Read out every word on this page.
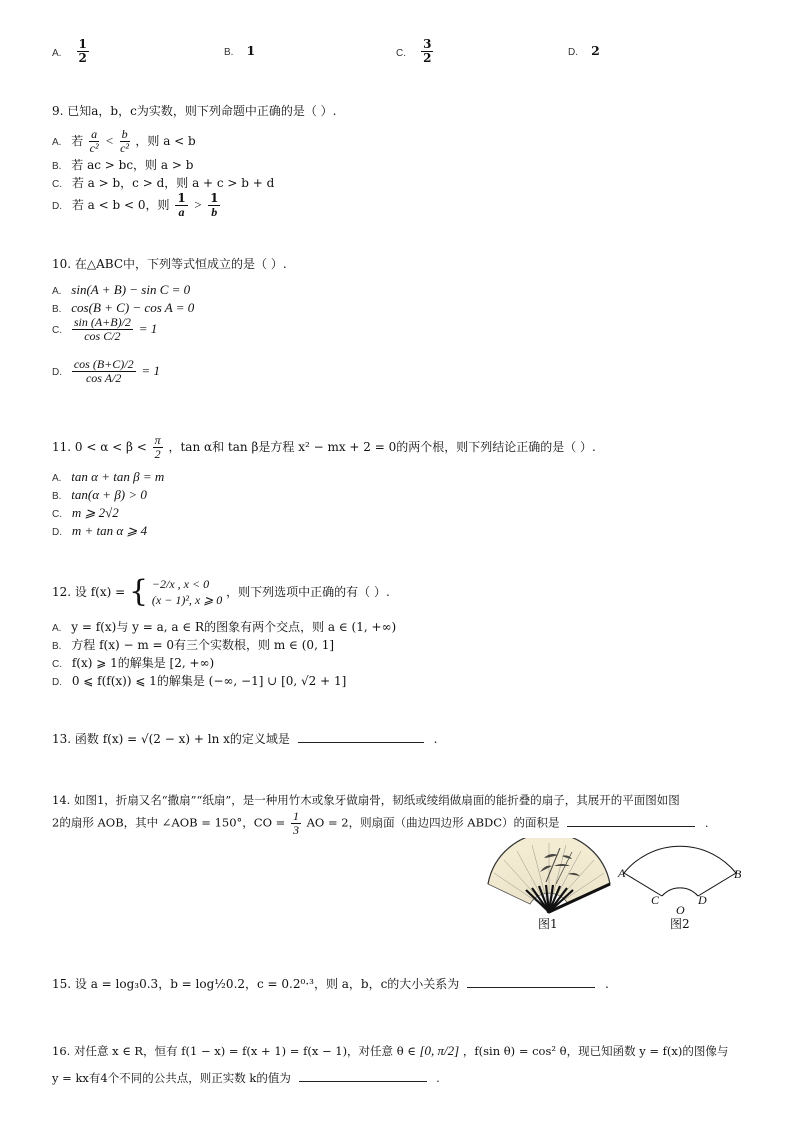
A. $\frac{1}{2}$	B. 1	C. $\frac{3}{2}$	D. 2
9. 已知a，b，c为实数，则下列命题中正确的是（ ）.
A. 若 $\frac{a}{\text{c²}} < \frac{b}{\text{c²}}$ ，则 a < b
B. 若 ac > bc，则 a > b
C. 若 a > b，c > d，则 a + c > b + d
D. 若 a < b < 0，则 $\frac{1}{a} > \frac{1}{b}$
10. 在△ABC中，下列等式恒成立的是（ ）.
A. sin(A + B) − sin C = 0
B. cos(B + C) − cos A = 0
C. $\frac{\sin (A+B)/2}{\text{cos C/2}} = 1$
D. $\frac{\cos (B+C)/2}{\text{cos A/2}} = 1$
11. $0 < \alpha < \beta < \frac{\pi}{2}$ ，tan α和 tan β是方程 x² − mx + 2 = 0的两个根，则下列结论正确的是（ ）.
A. tan α + tan β = m
B. tan(α + β) > 0
C. m ⩾ 2√2
D. m + tan α ⩾ 4
12. 设 f(x) = { −2/x , x < 0
(x − 1)², x ⩾ 0
，则下列选项中正确的有（ ）.
A. y = f(x)与 y = a, a ∈ R的图象有两个交点，则 a ∈ (1, +∞)
B. 方程 f(x) − m = 0有三个实数根，则 m ∈ (0, 1]
C. f(x) ⩾ 1的解集是 [2, +∞)
D. 0 ⩽ f(f(x)) ⩽ 1的解集是 (−∞, −1] ∪ [0, √2 + 1]
13. 函数 f(x) = √(2 − x) + ln x的定义域是	.
14. 如图1，折扇又名“撒扇”“纸扇”，是一种用竹木或象牙做扇骨，韧纸或绫绢做扇面的能折叠的扇子，其展开的平面图如图
2的扇形 AOB，其中 ∠AOB = 150°，CO = $\frac{1}{3}$ AO = 2，则扇面（曲边四边形 ABDC）的面积是	.
A	B
C	D
O
图1	图2
15. 设 a = log₃0.3，b = log½0.2，c = 0.2⁰·³，则 a，b，c的大小关系为	.
16. 对任意 x ∈ R，恒有 f(1 − x) = f(x + 1) = f(x − 1)，对任意 θ ∈ [0, π/2] ，f(sin θ) = cos² θ，现已知函数 y = f(x)的图像与
y = kx有4个不同的公共点，则正实数 k的值为	.
